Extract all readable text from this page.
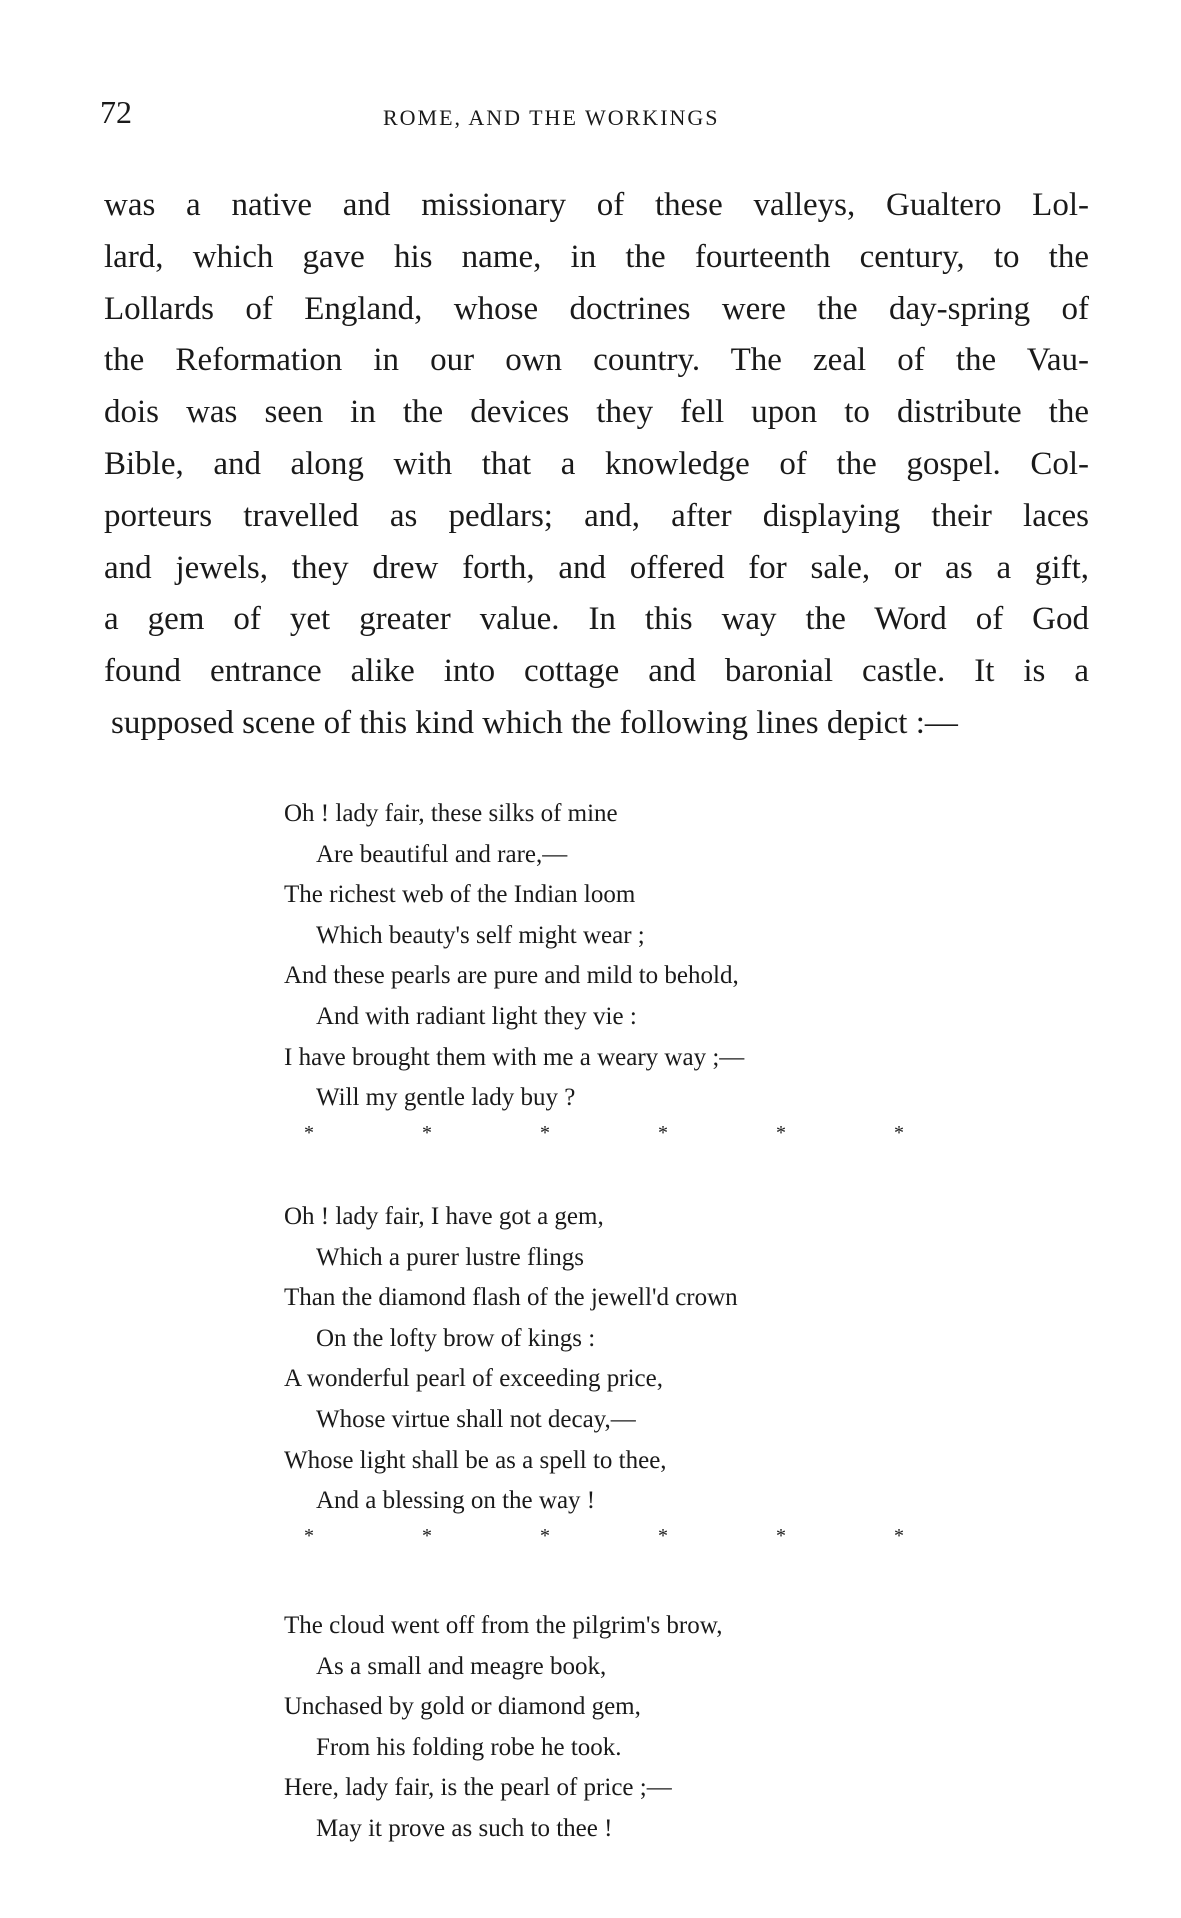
72	ROME, AND THE WORKINGS
was a native and missionary of these valleys, Gualtero Lol-
lard, which gave his name, in the fourteenth century, to the
Lollards of England, whose doctrines were the day-spring of
the Reformation in our own country. The zeal of the Vau-
dois was seen in the devices they fell upon to distribute the
Bible, and along with that a knowledge of the gospel. Col-
porteurs travelled as pedlars; and, after displaying their laces
and jewels, they drew forth, and offered for sale, or as a gift,
a gem of yet greater value. In this way the Word of God
found entrance alike into cottage and baronial castle. It is a
supposed scene of this kind which the following lines depict :—
Oh ! lady fair, these silks of mine
Are beautiful and rare,—
The richest web of the Indian loom
Which beauty's self might wear ;
And these pearls are pure and mild to behold,
And with radiant light they vie :
I have brought them with me a weary way ;—
Will my gentle lady buy ?
*	*	*	*	*	*
Oh ! lady fair, I have got a gem,
Which a purer lustre flings
Than the diamond flash of the jewell'd crown
On the lofty brow of kings :
A wonderful pearl of exceeding price,
Whose virtue shall not decay,—
Whose light shall be as a spell to thee,
And a blessing on the way !
*	*	*	*	*	*
The cloud went off from the pilgrim's brow,
As a small and meagre book,
Unchased by gold or diamond gem,
From his folding robe he took.
Here, lady fair, is the pearl of price ;—
May it prove as such to thee !
